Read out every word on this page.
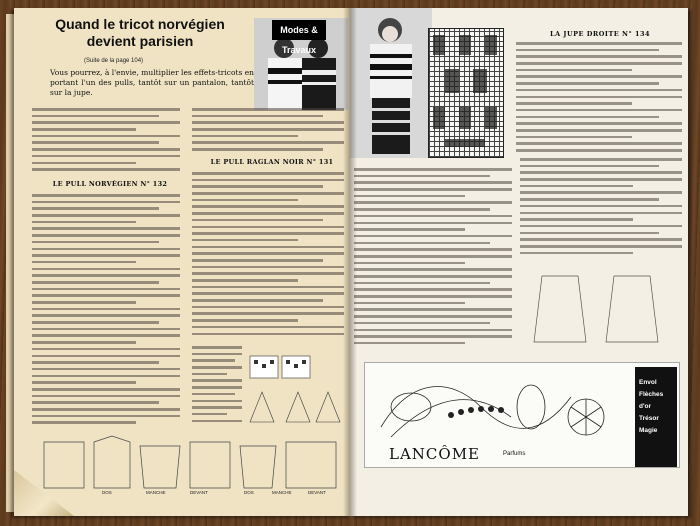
Quand le tricot norvégien
devient parisien
(Suite de la page 104)
Vous pourrez, à l'envie, multiplier les effets-tricots en portant l'un des pulls, tantôt sur un pantalon, tantôt sur la jupe.
Modes & Travaux
LE PULL NORVÉGIEN N° 132
LE PULL RAGLAN NOIR N° 131
DOS	MANCHE	DEVANT	DOS	MANCHE	DEVANT
LA JUPE DROITE N° 134
LANCÔME	Parfums
Envol
Flèches d'or
Trésor
Magie
